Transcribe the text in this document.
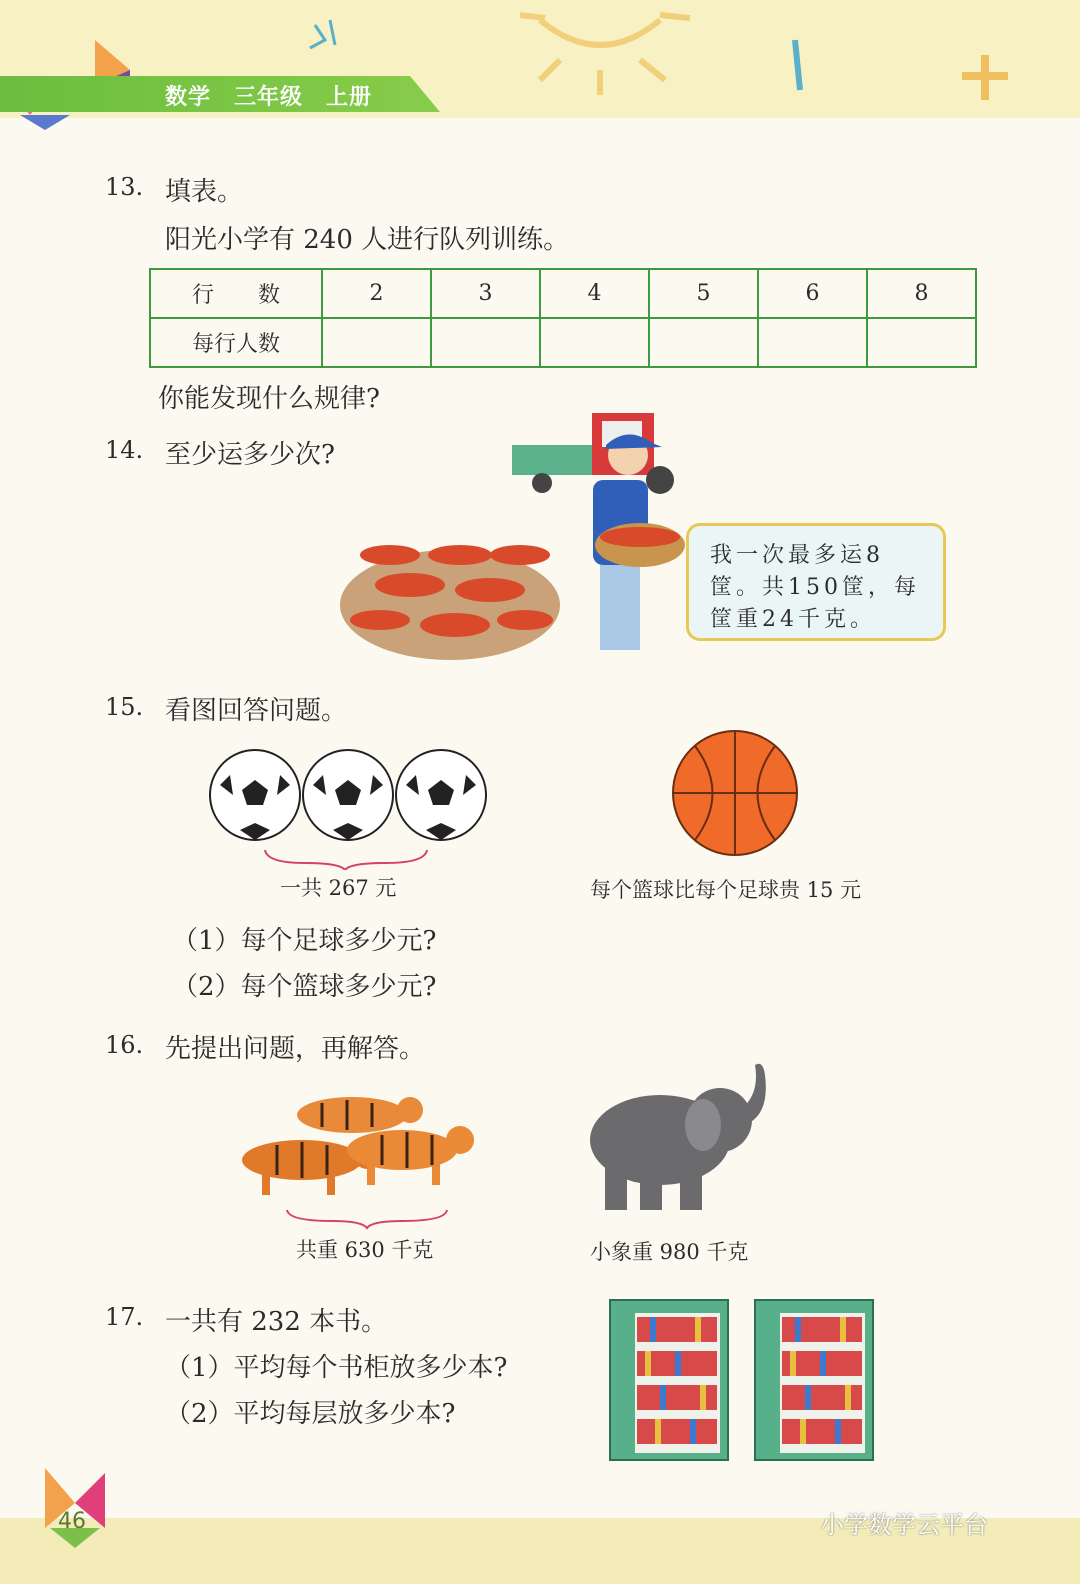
数学　三年级　上册
13. 填表。
阳光小学有 240 人进行队列训练。
行　　数	2	3	4	5	6	8
每行人数						
你能发现什么规律?
14. 至少运多少次?
我一次最多运8筐。共150筐，每筐重24千克。
15. 看图回答问题。
一共 267 元	每个篮球比每个足球贵 15 元
（1）每个足球多少元?
（2）每个篮球多少元?
16. 先提出问题，再解答。
共重 630 千克	小象重 980 千克
17. 一共有 232 本书。
（1）平均每个书柜放多少本?
（2）平均每层放多少本?
46	小学数学云平台
